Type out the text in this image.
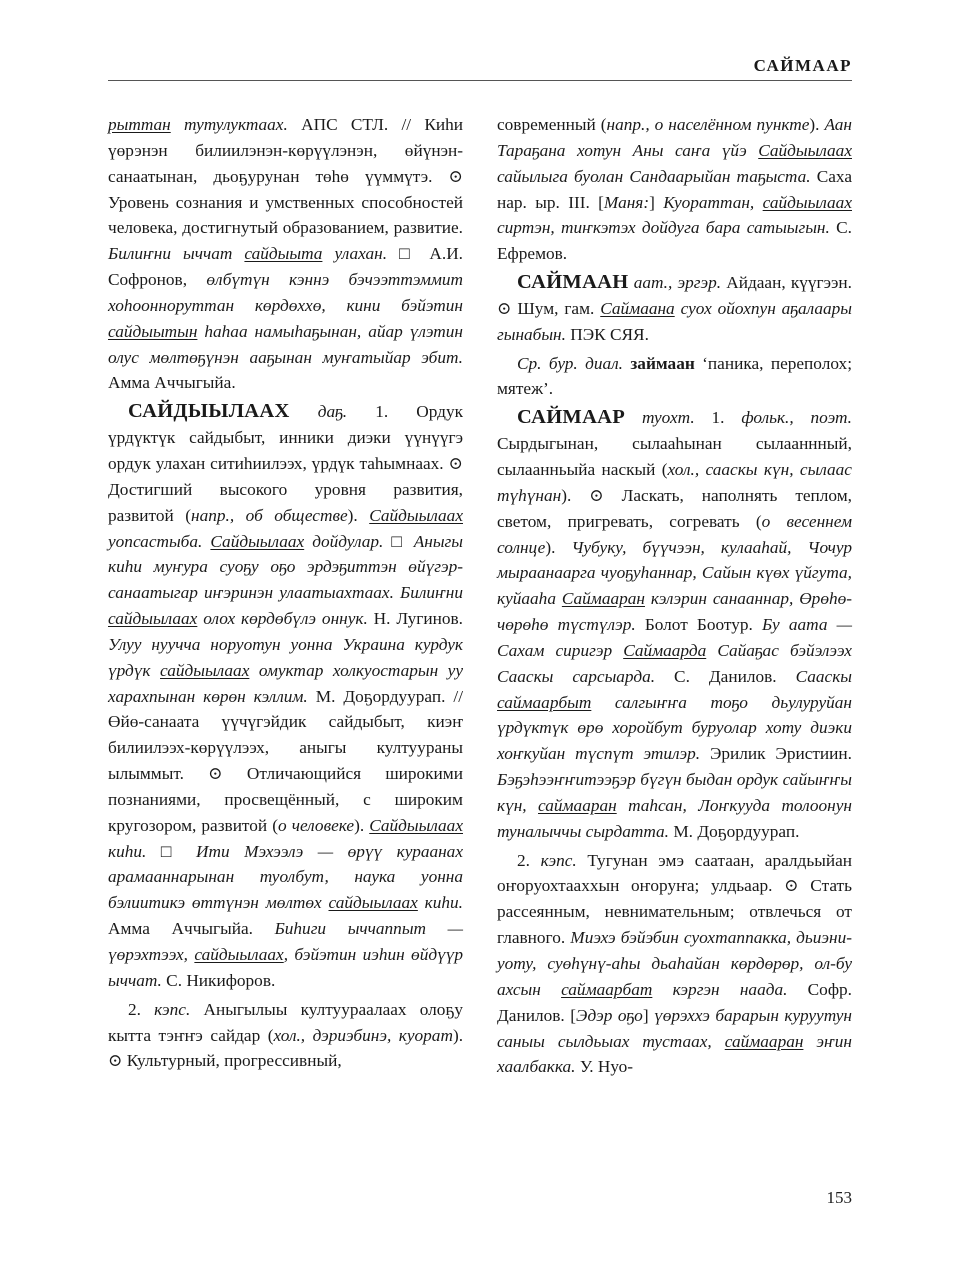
САЙМААР

рыттан тутулуктаах. АПС СТЛ. // Киһи үөрэнэн билиилэнэн-көрүүлэнэн, өйүнэн-санаатынан, дьоҕурунан төһө үүммүтэ. ⊙ Уровень сознания и умственных способностей человека, достигнутый образованием, развитие. Билиҥни ыччат сайдыыта улахан. □ А.И. Софронов, өлбүтүн кэннэ бэчээттэммит хоһоонноруттан көрдөххө, кини бэйэтин сайдыытын һаһаа намыһаҕынан, айар үлэтин олус мөлтөҕүнэн ааҕынан муҥатыйар эбит. Амма Аччыгыйа.

САЙДЫЫЛААХ даҕ. 1. Ордук үрдүктүк сайдыбыт, инники диэки үүнүүгэ ордук улахан ситиһиилээх, үрдүк таһымнаах. ⊙ Достигший высокого уровня развития, развитой (напр., об обществе). Сайдыылаах уопсастыба. Сайдыылаах дойдулар. □ Аныгы киһи муҥура суоҕу оҕо эрдэҕиттэн өйүгэр-санаатыгар иҥэринэн улаатыахтаах. Билиҥни сайдыылаах олох көрдөбүлэ оннук. Н. Лугинов. Улуу нуучча норуотун уонна Украина курдук үрдүк сайдыылаах омуктар холкуостарын уу харахпынан көрөн кэллим. М. Доҕордуурап. // Өйө-санаата үүчүгэйдик сайдыбыт, киэҥ билиилээх-көрүүлээх, аныгы култуураны ылыммыт. ⊙ Отличающийся широкими познаниями, просвещённый, с широким кругозором, развитой (о человеке). Сайдыылаах киһи. □ Ити Мэхээлэ — өрүү кураанах арамааннарынан туолбут, наука уонна бэлиитикэ өттүнэн мөлтөх сайдыылаах киһи. Амма Аччыгыйа. Биһиги ыччаппыт — үөрэхтээх, сайдыылаах, бэйэтин иэһин өйдүүр ыччат. С. Никифоров.

2. кэпс. Аныгылыы култуураалаах олоҕу кытта тэҥҥэ сайдар (хол., дэриэбинэ, куорат). ⊙ Культурный, прогрессивный,

современный (напр., о населённом пункте). Аан Тараҕана хотун Аны саҥа үйэ Сайдыылаах сайылыга буолан Сандаарыйан таҕыста. Саха нар. ыр. III. [Маня:] Куораттан, сайдыылаах сиртэн, тиҥкэтэх дойдуга бара сатыыгын. С. Ефремов.

САЙМААН аат., эргэр. Айдаан, күүгээн. ⊙ Шум, гам. Саймаана суох ойохпун аҕалаары гынабын. ПЭК СЯЯ.

Ср. бур. диал. займаан ‘паника, переполох; мятеж’.

САЙМААР туохт. 1. фольк., поэт. Сырдыгынан, сылааһынан сылааннный, сылаанньыйа наскый (хол., сааскы күн, сылаас түһүнан). ⊙ Ласкать, наполнять теплом, светом, пригревать, согревать (о весеннем солнце). Чубуку, бүүчээн, кулааһай, Чочур мыраанаарга чуоҕуһаннар, Сайын күөх үйгута, куйааһа Саймааран кэлэрин санааннар, Өрөһө-чөрөһө түстүлэр. Болот Боотур. Бу аата — Сахам сиригэр Саймаарда Сайаҕас бэйэлээх Сааскы сарсыарда. С. Данилов. Сааскы саймаарбыт салгыҥҥа тоҕо дьулуруйан үрдүктүк өрө хоройбут буруолар хоту диэки хоҥкуйан түспүт этилэр. Эрилик Эристиин. Бэҕэһээҥҥитээҕэр бүгүн быдан ордук сайыҥҥы күн, саймааран таһсан, Лоҥкууда толоонун туналыччы сырдатта. М. Доҕордуурап.

2. кэпс. Тугунан эмэ саатаан, аралдьыйан оҥоруохтааххын оҥоруҥа; улдьаар. ⊙ Стать рассеянным, невнимательным; отвлечься от главного. Миэхэ бэйэбин суохтаппакка, дьиэни-уоту, суөһүнү-аһы дьаһайан көрдөрөр, ол-бу ахсын саймаарбат кэргэн наада. Софр. Данилов. [Эдэр оҕо] үөрэххэ барарын куруутун саныы сылдьыах тустаах, саймааран эҥин хаалбакка. У. Нуо-

153
